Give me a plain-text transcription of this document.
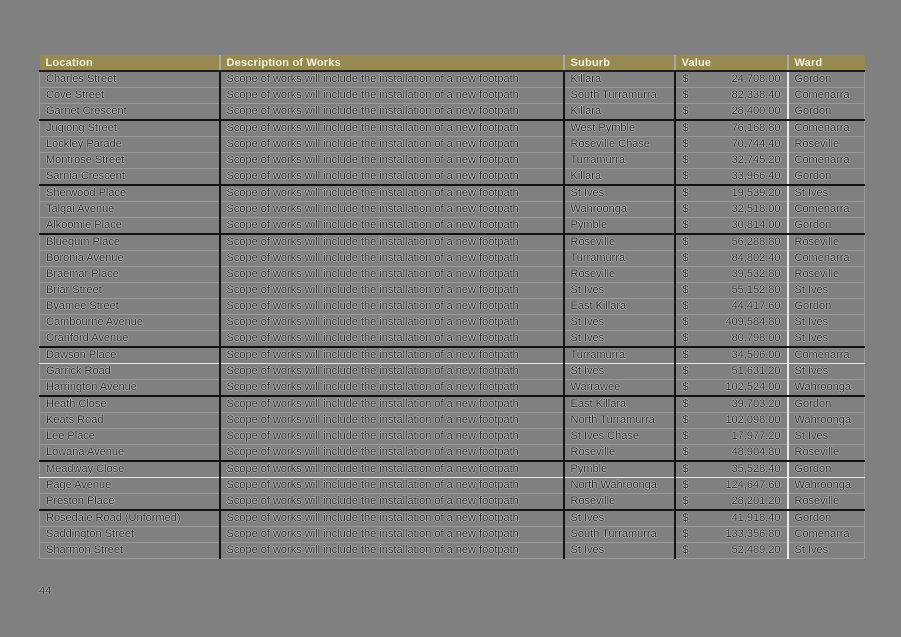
Location	Description of Works	Suburb	Value	Ward
Charles Street	Scope of works will include the installation of a new footpath	Killara	$ 24,708.00	Gordon
Cove Street	Scope of works will include the installation of a new footpath	South Turramurra	$ 82,338.40	Comenarra
Garnet Crescent	Scope of works will include the installation of a new footpath	Killara	$ 28,400.00	Gordon
Jugiong Street	Scope of works will include the installation of a new footpath	West Pymble	$ 76,168.80	Comenarra
Lockley Parade	Scope of works will include the installation of a new footpath	Roseville Chase	$ 70,744.40	Roseville
Montrose Street	Scope of works will include the installation of a new footpath	Turramurra	$ 32,745.20	Comenarra
Sarnia Crescent	Scope of works will include the installation of a new footpath	Killara	$ 33,966.40	Gordon
Sherwood Place	Scope of works will include the installation of a new footpath	St Ives	$ 19,539.20	St Ives
Talgai Avenue	Scope of works will include the installation of a new footpath	Wahroonga	$ 32,518.00	Comenarra
Alkoomie Place	Scope of works will include the installation of a new footpath	Pymble	$ 30,814.00	Gordon
Bluegum Place	Scope of works will include the installation of a new footpath	Roseville	$ 56,288.80	Roseville
Boronia Avenue	Scope of works will include the installation of a new footpath	Turramurra	$ 84,802.40	Comenarra
Braemar Place	Scope of works will include the installation of a new footpath	Roseville	$ 39,532.80	Roseville
Briar Street	Scope of works will include the installation of a new footpath	St Ives	$ 55,152.80	St Ives
Byamee Street	Scope of works will include the installation of a new footpath	East Killara	$ 44,417.60	Gordon
Cambourne Avenue	Scope of works will include the installation of a new footpath	St Ives	$ 409,584.80	St Ives
Cranford Avenue	Scope of works will include the installation of a new footpath	St Ives	$ 80,798.00	St Ives
Dawson Place	Scope of works will include the installation of a new footpath	Turramurra	$ 34,506.00	Comenarra
Garrick Road	Scope of works will include the installation of a new footpath	St Ives	$ 51,631.20	St Ives
Harrington Avenue	Scope of works will include the installation of a new footpath	Warrawee	$ 102,524.00	Wahroonga
Heath Close	Scope of works will include the installation of a new footpath	East Killara	$ 39,703.20	Gordon
Keats Road	Scope of works will include the installation of a new footpath	North Turramurra	$ 102,098.00	Wahroonga
Lee Place	Scope of works will include the installation of a new footpath	St Ives Chase	$ 17,977.20	St Ives
Lowana Avenue	Scope of works will include the installation of a new footpath	Roseville	$ 48,904.80	Roseville
Meadway Close	Scope of works will include the installation of a new footpath	Pymble	$ 35,528.40	Gordon
Page Avenue	Scope of works will include the installation of a new footpath	North Wahroonga	$ 124,647.60	Wahroonga
Preston Place	Scope of works will include the installation of a new footpath	Roseville	$ 28,201.20	Roseville
Rosedale Road (Unformed)	Scope of works will include the installation of a new footpath	St Ives	$ 41,918.40	Gordon
Saddington Street	Scope of works will include the installation of a new footpath	South Turramurra	$ 133,356.80	Comenarra
Sharmon Street	Scope of works will include the installation of a new footpath	St Ives	$ 52,489.20	St Ives
44
